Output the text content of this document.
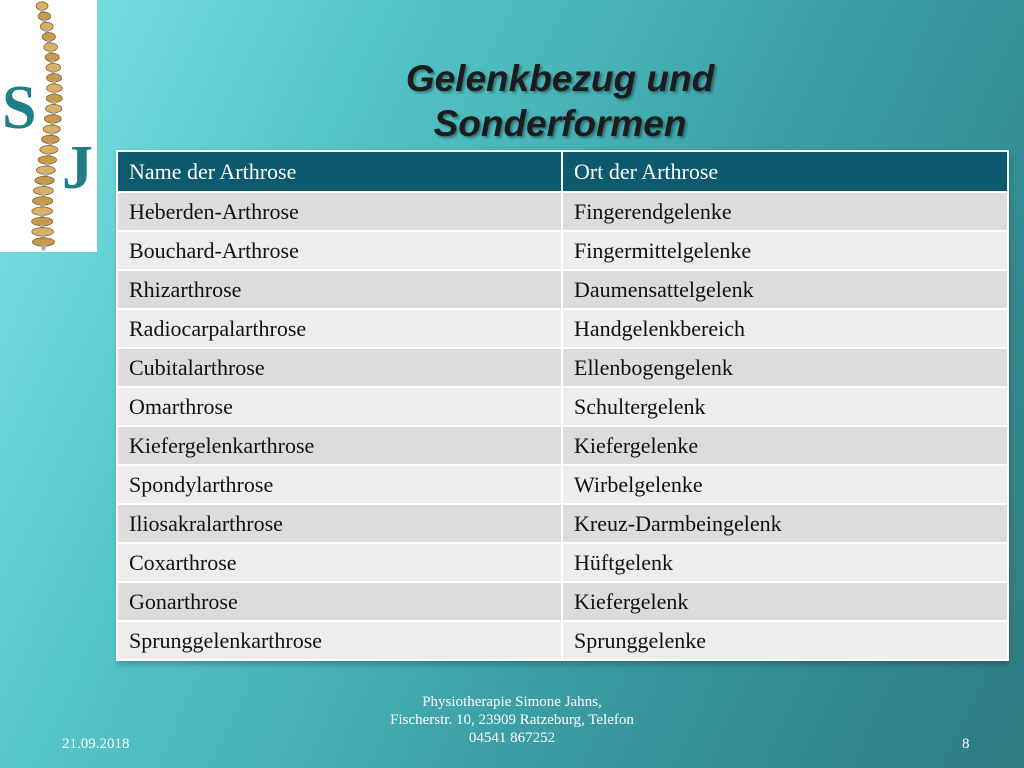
S
J
Gelenkbezug und
Sonderformen
Name der Arthrose	Ort der Arthrose
Heberden-Arthrose	Fingerendgelenke
Bouchard-Arthrose	Fingermittelgelenke
Rhizarthrose	Daumensattelgelenk
Radiocarpalarthrose	Handgelenkbereich
Cubitalarthrose	Ellenbogengelenk
Omarthrose	Schultergelenk
Kiefergelenkarthrose	Kiefergelenke
Spondylarthrose	Wirbelgelenke
Iliosakralarthrose	Kreuz-Darmbeingelenk
Coxarthrose	Hüftgelenk
Gonarthrose	Kiefergelenk
Sprunggelenkarthrose	Sprunggelenke
21.09.2018
Physiotherapie Simone Jahns,
Fischerstr. 10, 23909 Ratzeburg, Telefon
04541 867252	8
